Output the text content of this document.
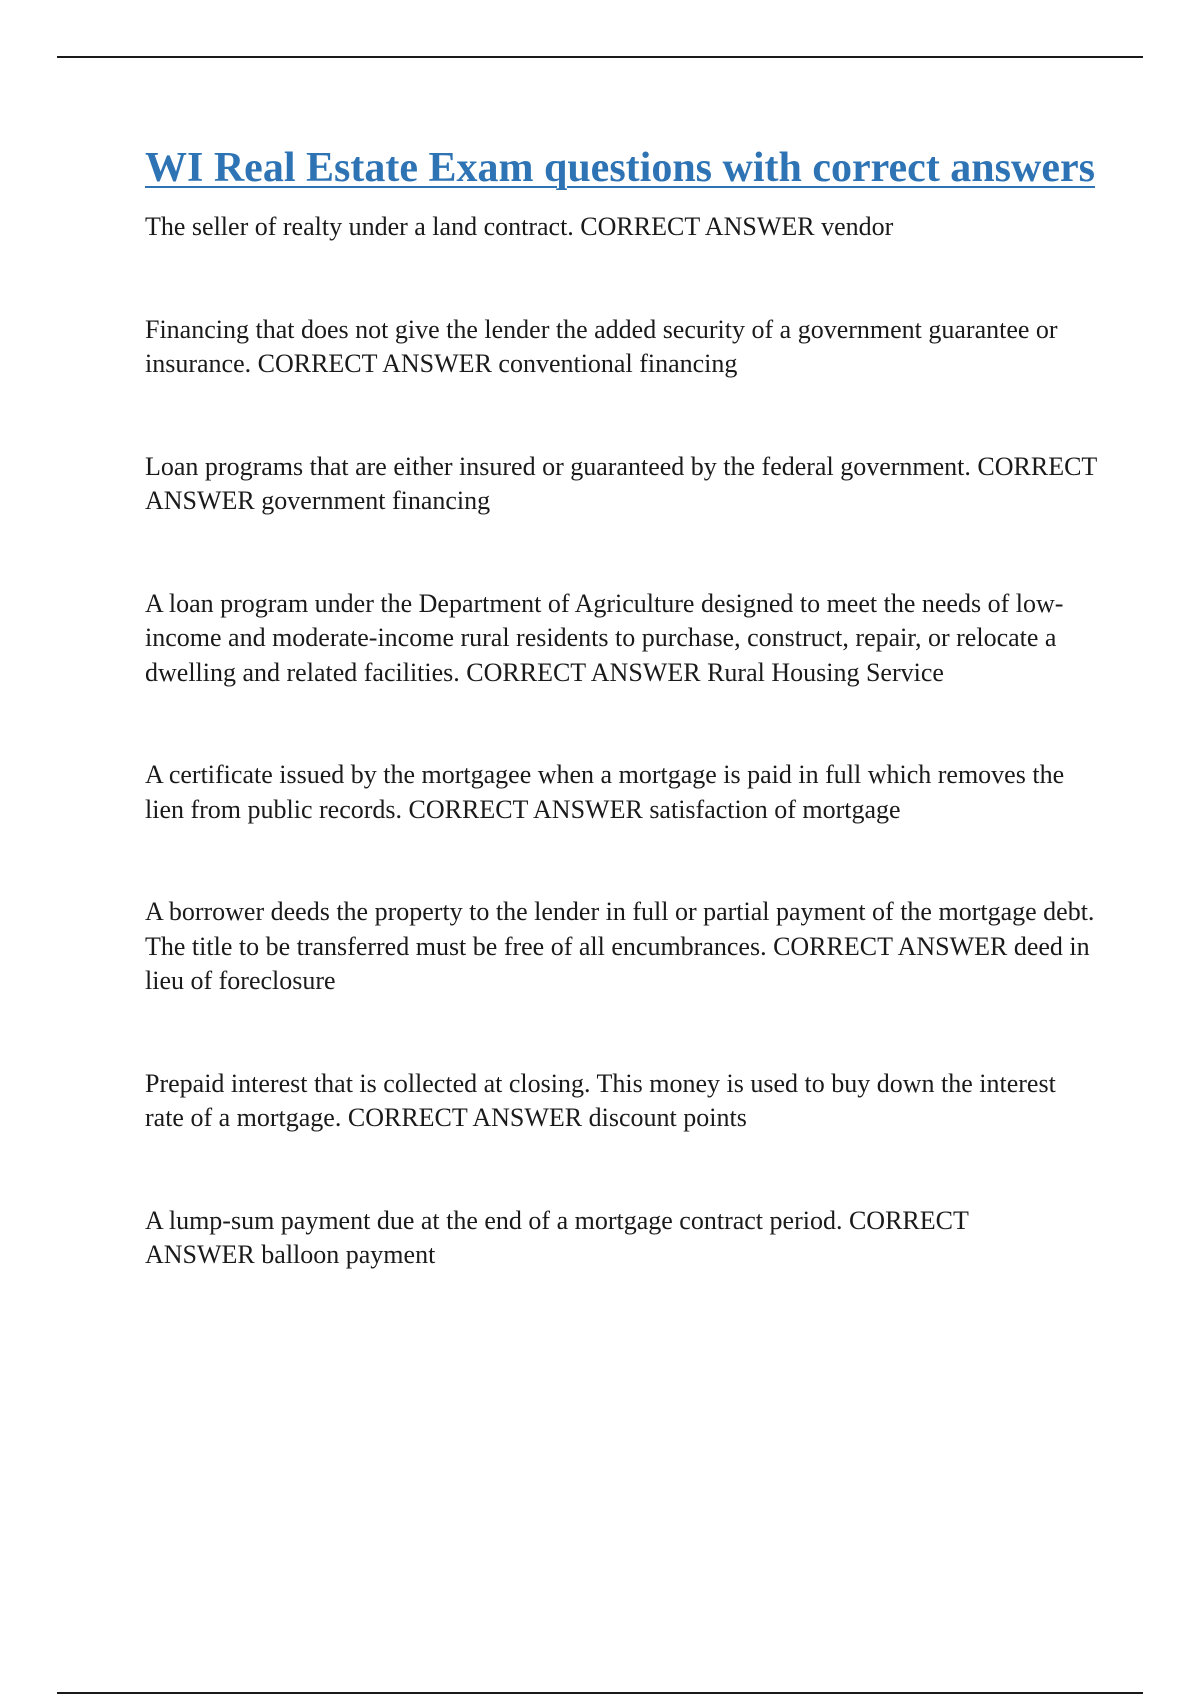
WI Real Estate Exam questions with correct answers
The seller of realty under a land contract. CORRECT ANSWER vendor
Financing that does not give the lender the added security of a government guarantee or insurance. CORRECT ANSWER conventional financing
Loan programs that are either insured or guaranteed by the federal government. CORRECT ANSWER government financing
A loan program under the Department of Agriculture designed to meet the needs of low-income and moderate-income rural residents to purchase, construct, repair, or relocate a dwelling and related facilities. CORRECT ANSWER Rural Housing Service
A certificate issued by the mortgagee when a mortgage is paid in full which removes the lien from public records. CORRECT ANSWER satisfaction of mortgage
A borrower deeds the property to the lender in full or partial payment of the mortgage debt. The title to be transferred must be free of all encumbrances. CORRECT ANSWER deed in lieu of foreclosure
Prepaid interest that is collected at closing. This money is used to buy down the interest rate of a mortgage. CORRECT ANSWER discount points
A lump-sum payment due at the end of a mortgage contract period. CORRECT ANSWER balloon payment
